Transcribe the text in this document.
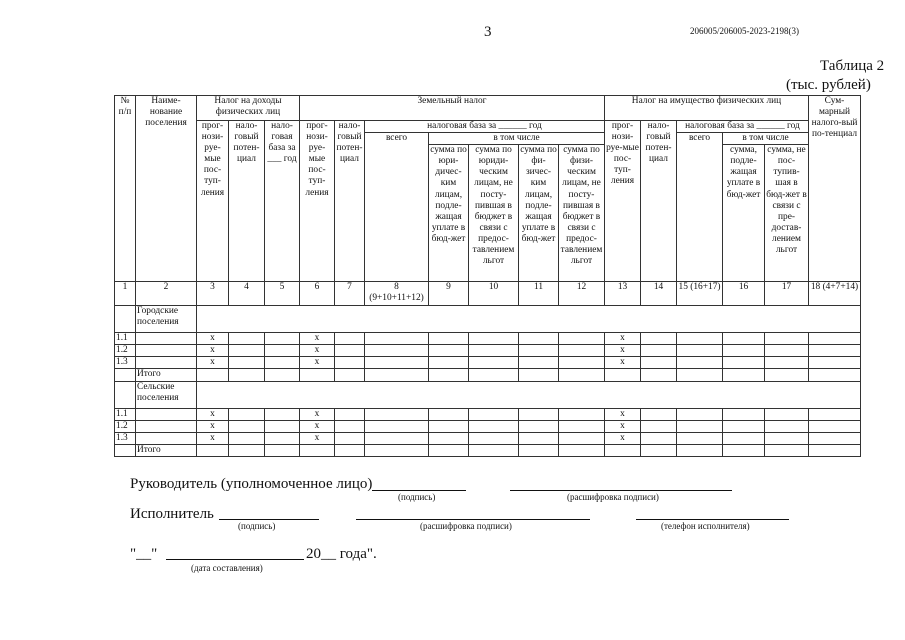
3	206005/206005-2023-2198(3)
Таблица 2
(тыс. рублей)
№ п/п	Наиме-нование поселения	Налог на доходы физических лиц			Земельный налог							Налог на имущество физических лиц					Сум-марный налого-вый по-тенциал
		прог-нози-руе-мые пос-туп-ления	нало-говый потен-циал	нало-говая база за ___ год	прог-нози-руе-мые пос-туп-ления	нало-говый потен-циал	налоговая база за ______ год					прог-нози-руе-мые пос-туп-ления	нало-говый потен-циал	налоговая база за ______ год			
							всего	в том числе						всего	в том числе		
								сумма по юри-дичес-ким лицам, подле-жащая уплате в бюд-жет	сумма по юриди-ческим лицам, не посту-пившая в бюджет в связи с предос-тавлением льгот	сумма по фи-зичес-ким лицам, подле-жащая уплате в бюд-жет	сумма по физи-ческим лицам, не посту-пившая в бюджет в связи с предос-тавлением льгот				сумма, подле-жащая уплате в бюд-жет	сумма, не пос-тупив-шая в бюд-жет в связи с пре-достав-лением льгот	
1	2	3	4	5	6	7	8 (9+10+11+12)	9	10	11	12	13	14	15 (16+17)	16	17	18 (4+7+14)
	Городские поселения																
1.1		х			х							х					
1.2		х			х							х					
1.3		х			х							х					
	Итого																
	Сельские поселения																
1.1		х			х							х					
1.2		х			х							х					
1.3		х			х							х					
	Итого																
Руководитель (уполномоченное лицо)
(подпись)	(расшифровка подписи)
Исполнитель
(подпись)	(расшифровка подписи)	(телефон исполнителя)
"__"	20__ года".
(дата составления)
